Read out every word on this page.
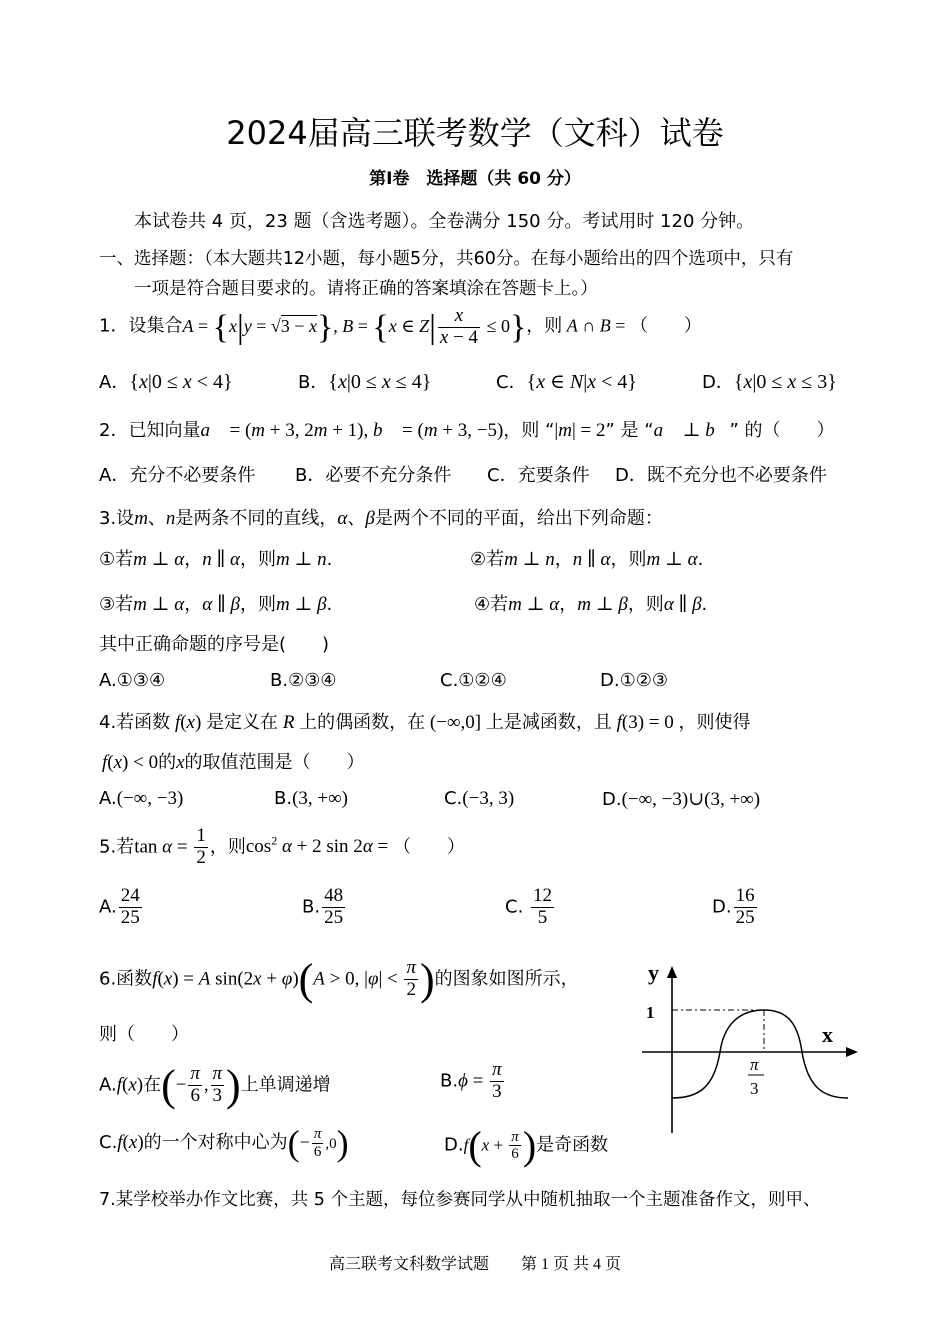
2024届高三联考数学（文科）试卷
第Ⅰ卷　选择题（共 60 分）
本试卷共 4 页，23 题（含选考题）。全卷满分 150 分。考试用时 120 分钟。
一、选择题：（本大题共12小题，每小题5分，共60分。在每小题给出的四个选项中，只有
一项是符合题目要求的。请将正确的答案填涂在答题卡上。）
1．设集合A = {x|y = √3 − x}, B = {x ∈ $Z| \frac{x}{x - 4} \le 0$}，则 A ∩ B = （　　）
A．{x|0 ≤ x < 4}	B．{x|0 ≤ x ≤ 4}	C．{x ∈ N|x < 4}	D．{x|0 ≤ x ≤ 3}
2．已知向量a⃗ = (m + 3, 2m + 1), b⃗ = (m + 3, −5)，则 “|m| = 2” 是 “a⃗ ⊥ b⃗” 的（　　）
A．充分不必要条件 B．必要不充分条件 C．充要条件 D．既不充分也不必要条件
3.设m、n是两条不同的直线，α、β是两个不同的平面，给出下列命题：
①若m ⊥ α，n ∥ α，则m ⊥ n.	②若m ⊥ n，n ∥ α，则m ⊥ α.
③若m ⊥ α，α ∥ β，则m ⊥ β.	④若m ⊥ α，m ⊥ β，则α ∥ β.
其中正确命题的序号是(　　)
A.①③④	B.②③④	C.①②④	D.①②③
4.若函数 f(x) 是定义在 R 上的偶函数，在 (−∞,0] 上是减函数，且 f(3) = 0 ，则使得
f(x) < 0的x的取值范围是（　　）
A.(−∞, −3)	B.(3, +∞)	C.(−3, 3)	D.(−∞, −3)∪(3, +∞)
5.若$\tan \alpha = \frac{1}{2}$ ，则$\cos^2 \alpha + 2$ sin 2α = （　　）
A. $\frac{24}{25}$	B. $\frac{48}{25}$	C. $\frac{12}{5}$	D. $\frac{16}{25}$
6.函数f(x) = A sin(2x + φ)(A > 0, $|\varphi| < \frac{\pi}{2}$ )的图象如图所示，
则（　　）
A.f(x)在(− $\frac{\pi}{6}$ , $\frac{\pi}{3}$ )上单调递增	$B.\phi = \frac{\pi}{3}$
C.f(x)的一个对称中心为(− $\frac{\pi}{6} ,0$)	$D.f(x + \frac{\pi}{6}$ )是奇函数
y
x
1
π
3
7.某学校举办作文比赛，共 5 个主题，每位参赛同学从中随机抽取一个主题准备作文，则甲、
高三联考文科数学试题　　第 1 页 共 4 页
